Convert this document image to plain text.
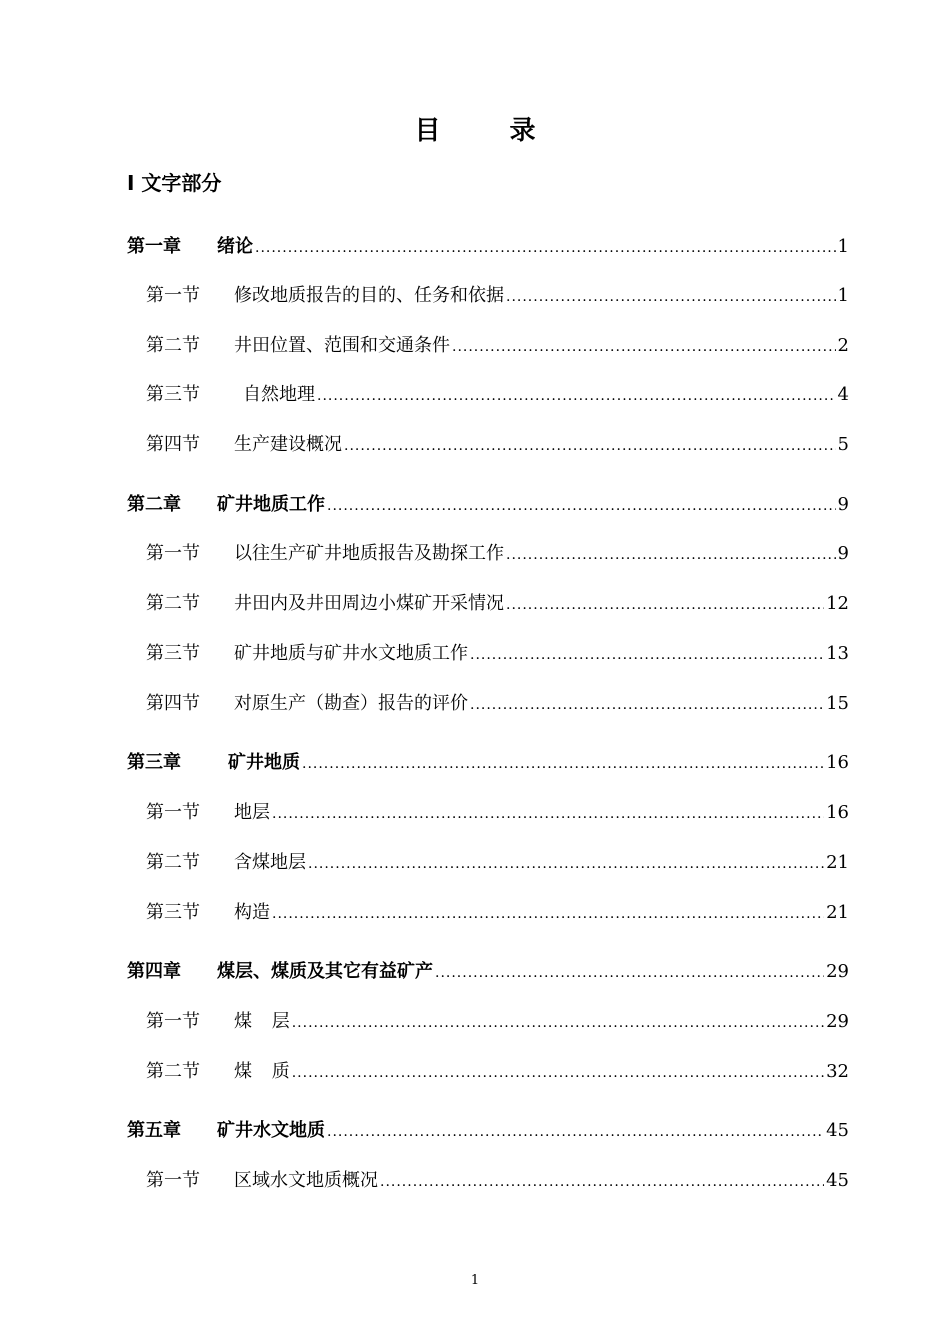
目 录
I 文字部分
第一章 绪论 .....	1
第一节 修改地质报告的目的、任务和依据 .....	1
第二节 井田位置、范围和交通条件 .....	2
第三节 自然地理 .....	4
第四节 生产建设概况 .....	5
第二章 矿井地质工作 .....	9
第一节 以往生产矿井地质报告及勘探工作 .....	9
第二节 井田内及井田周边小煤矿开采情况 .....	12
第三节 矿井地质与矿井水文地质工作 .....	13
第四节 对原生产（勘查）报告的评价 .....	15
第三章	矿井地质 .....	16
第一节 地层 .....	16
第二节 含煤地层 .....	21
第三节 构造 .....	21
第四章 煤层、煤质及其它有益矿产 .....	29
第一节 煤 层 .....	29
第二节 煤 质 .....	32
第五章 矿井水文地质 .....	45
第一节 区域水文地质概况 .....	45
1
